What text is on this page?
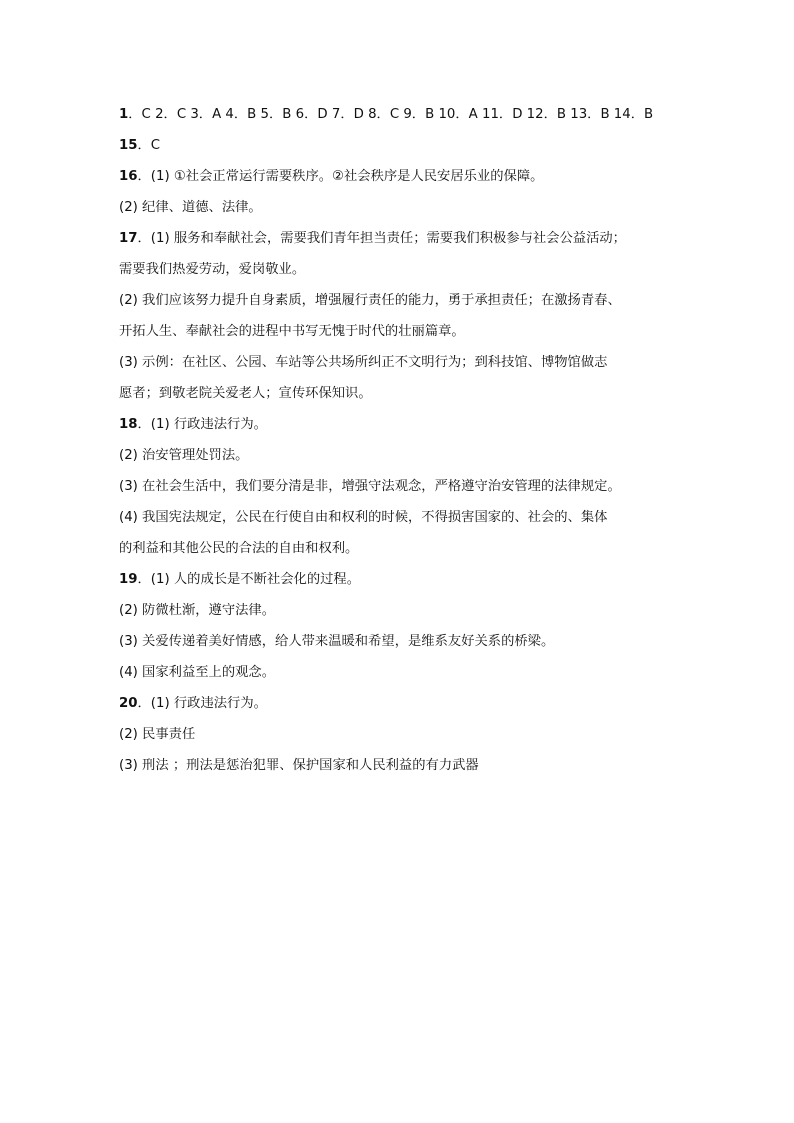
1．C 2．C 3．A 4．B 5．B 6．D 7．D 8．C 9．B 10．A 11．D 12．B 13．B 14．B
15．C
16．(1) ①社会正常运行需要秩序。②社会秩序是人民安居乐业的保障。
(2) 纪律、道德、法律。
17．(1) 服务和奉献社会，需要我们青年担当责任；需要我们积极参与社会公益活动；
需要我们热爱劳动，爱岗敬业。
(2) 我们应该努力提升自身素质，增强履行责任的能力，勇于承担责任；在激扬青春、
开拓人生、奉献社会的进程中书写无愧于时代的壮丽篇章。
(3) 示例：在社区、公园、车站等公共场所纠正不文明行为；到科技馆、博物馆做志
愿者；到敬老院关爱老人；宣传环保知识。
18．(1) 行政违法行为。
(2) 治安管理处罚法。
(3) 在社会生活中，我们要分清是非，增强守法观念，严格遵守治安管理的法律规定。
(4) 我国宪法规定，公民在行使自由和权利的时候，不得损害国家的、社会的、集体
的利益和其他公民的合法的自由和权利。
19．(1) 人的成长是不断社会化的过程。
(2) 防微杜渐，遵守法律。
(3) 关爱传递着美好情感，给人带来温暖和希望，是维系友好关系的桥梁。
(4) 国家利益至上的观念。
20．(1) 行政违法行为。
(2) 民事责任
(3) 刑法 ；刑法是惩治犯罪、保护国家和人民利益的有力武器
